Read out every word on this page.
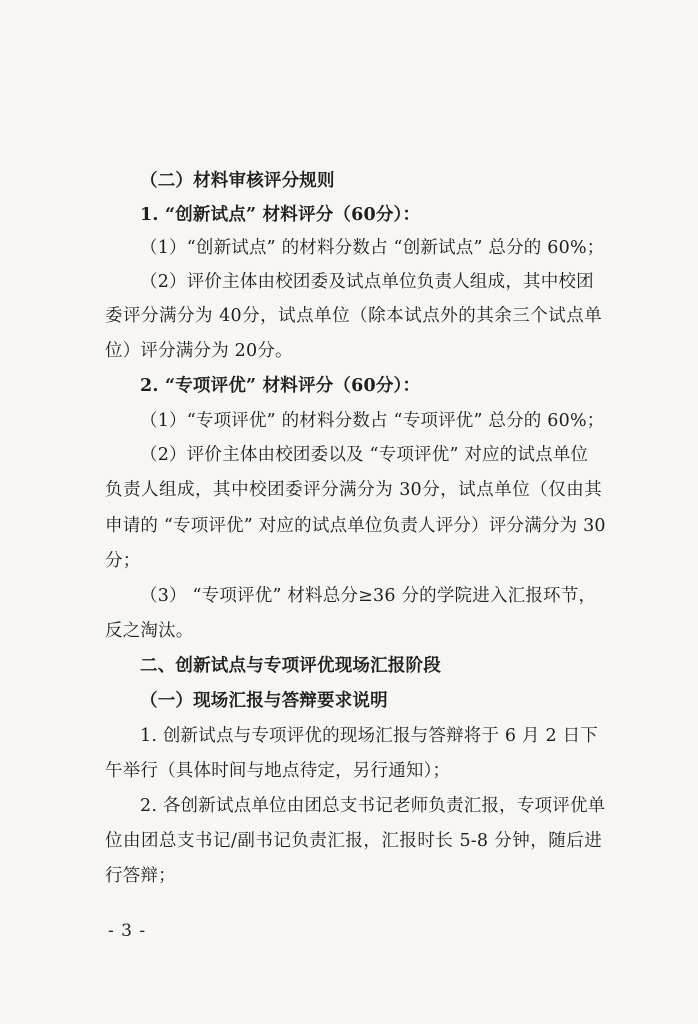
（二）材料审核评分规则
1. “创新试点” 材料评分（60分）：
（1）“创新试点” 的材料分数占 “创新试点” 总分的 60%；
（2）评价主体由校团委及试点单位负责人组成，其中校团
委评分满分为 40分，试点单位（除本试点外的其余三个试点单
位）评分满分为 20分。
2. “专项评优” 材料评分（60分）：
（1）“专项评优” 的材料分数占 “专项评优” 总分的 60%；
（2）评价主体由校团委以及 “专项评优” 对应的试点单位
负责人组成，其中校团委评分满分为 30分，试点单位（仅由其
申请的 “专项评优” 对应的试点单位负责人评分）评分满分为 30
分；
（3） “专项评优” 材料总分≥36 分的学院进入汇报环节，
反之淘汰。
二、创新试点与专项评优现场汇报阶段
（一）现场汇报与答辩要求说明
1. 创新试点与专项评优的现场汇报与答辩将于 6 月 2 日下
午举行（具体时间与地点待定，另行通知）；
2. 各创新试点单位由团总支书记老师负责汇报，专项评优单
位由团总支书记/副书记负责汇报，汇报时长 5-8 分钟，随后进
行答辩；
- 3 -
